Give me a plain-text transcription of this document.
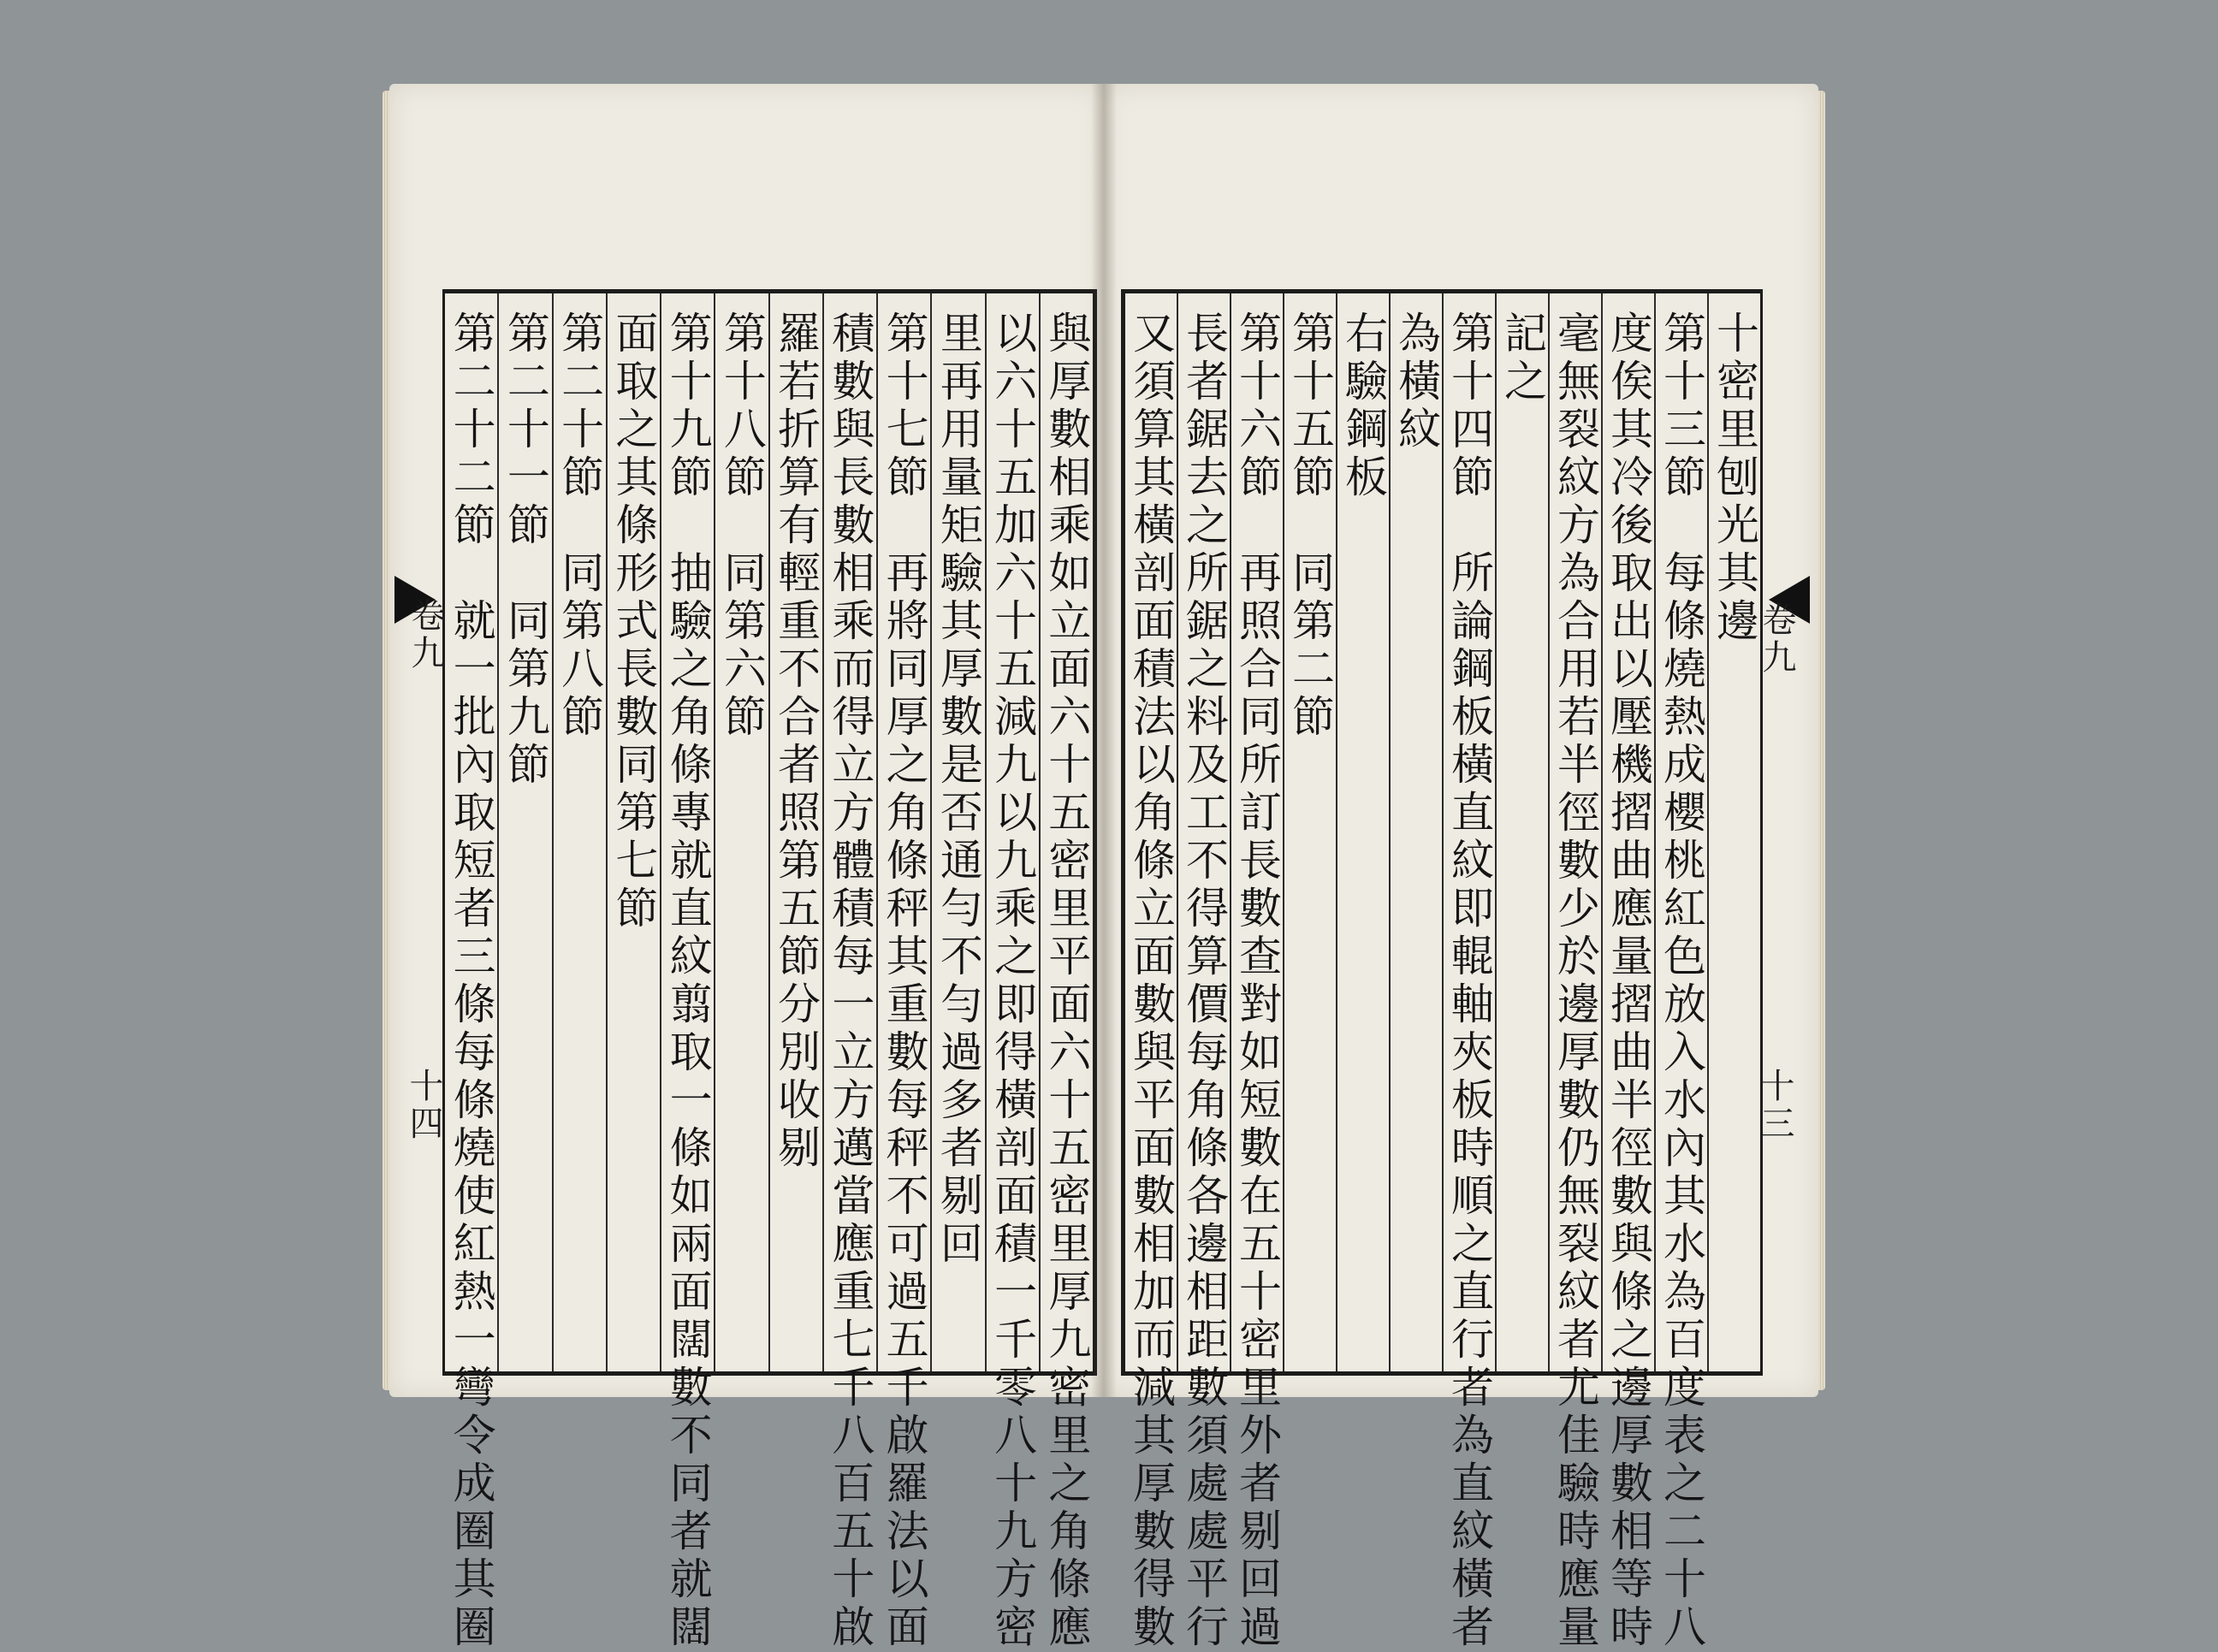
卷九
十四	與厚數相乘如立面六十五密里平面六十五密里厚九密里之角條應
以六十五加六十五減九以九乘之即得橫剖面積一千零八十九方密
里再用量矩驗其厚數是否通勻不勻過多者剔回
第十七節　再將同厚之角條秤其重數每秤不可過五千啟羅法以面
積數與長數相乘而得立方體積每一立方邁當應重七千八百五十啟
羅若折算有輕重不合者照第五節分別收剔
第十八節　同第六節
第十九節　抽驗之角條專就直紋翦取一條如兩面闊數不同者就闊
面取之其條形式長數同第七節
第二十節　同第八節
第二十一節　同第九節
第二十二節　就一批內取短者三條每條燒使紅熱一彎令成圈其圈	卷九
十三
十密里刨光其邊
第十三節　每條燒熱成櫻桃紅色放入水內其水為百度表之二十八
度俟其冷後取出以壓機摺曲應量摺曲半徑數與條之邊厚數相等時
毫無裂紋方為合用若半徑數少於邊厚數仍無裂紋者尤佳驗時應量
記之
第十四節　所論鋼板橫直紋即輥軸夾板時順之直行者為直紋橫者
為橫紋
右驗鋼板
第十五節　同第二節
第十六節　再照合同所訂長數查對如短數在五十密里外者剔回過
長者鋸去之所鋸之料及工不得算價每角條各邊相距數須處處平行
又須算其橫剖面積法以角條立面數與平面數相加而減其厚數得數
